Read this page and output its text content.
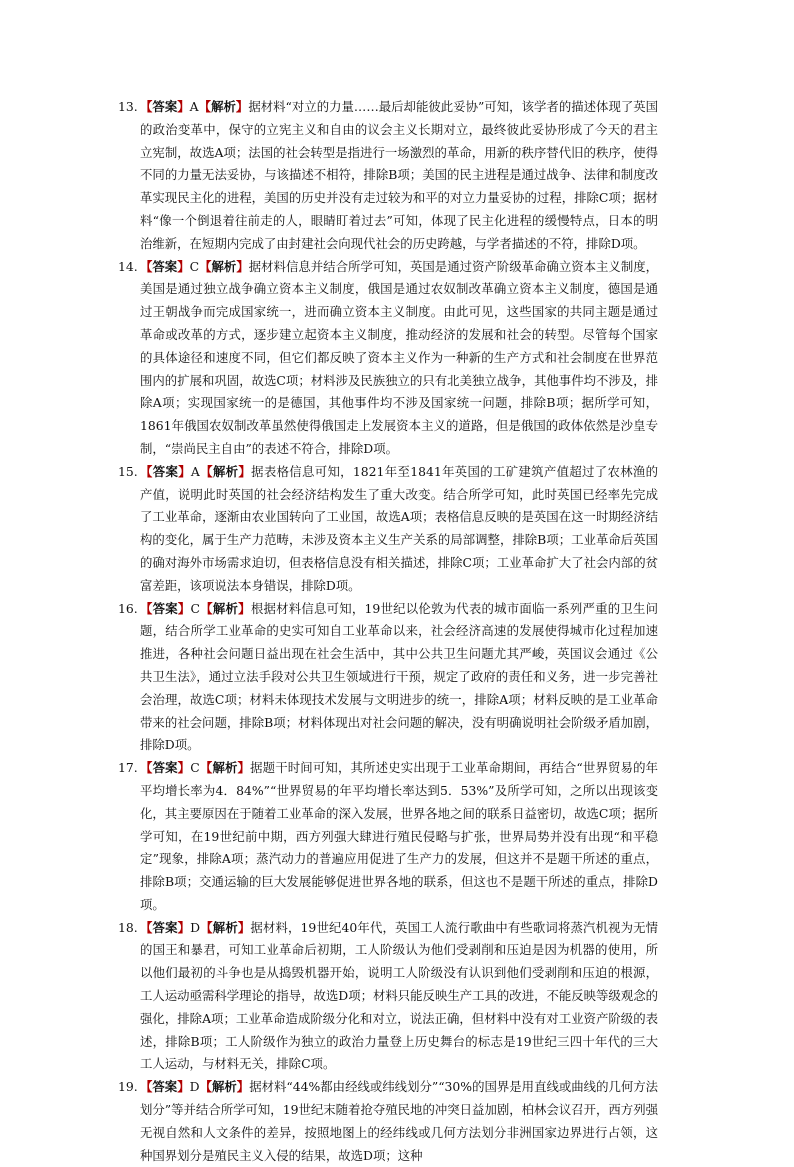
13. 【答案】A【解析】据材料“对立的力量……最后却能彼此妥协”可知，该学者的描述体现了英国的政治变革中，保守的立宪主义和自由的议会主义长期对立，最终彼此妥协形成了今天的君主立宪制，故选A项；法国的社会转型是指进行一场激烈的革命，用新的秩序替代旧的秩序，使得不同的力量无法妥协，与该描述不相符，排除B项；美国的民主进程是通过战争、法律和制度改革实现民主化的进程，美国的历史并没有走过较为和平的对立力量妥协的过程，排除C项；据材料“像一个倒退着往前走的人，眼睛盯着过去”可知，体现了民主化进程的缓慢特点，日本的明治维新，在短期内完成了由封建社会向现代社会的历史跨越，与学者描述的不符，排除D项。
14. 【答案】C【解析】据材料信息并结合所学可知，英国是通过资产阶级革命确立资本主义制度，美国是通过独立战争确立资本主义制度，俄国是通过农奴制改革确立资本主义制度，德国是通过王朝战争而完成国家统一，进而确立资本主义制度。由此可见，这些国家的共同主题是通过革命或改革的方式，逐步建立起资本主义制度，推动经济的发展和社会的转型。尽管每个国家的具体途径和速度不同，但它们都反映了资本主义作为一种新的生产方式和社会制度在世界范围内的扩展和巩固，故选C项；材料涉及民族独立的只有北美独立战争，其他事件均不涉及，排除A项；实现国家统一的是德国，其他事件均不涉及国家统一问题，排除B项；据所学可知，1861年俄国农奴制改革虽然使得俄国走上发展资本主义的道路，但是俄国的政体依然是沙皇专制，“崇尚民主自由”的表述不符合，排除D项。
15. 【答案】A【解析】据表格信息可知，1821年至1841年英国的工矿建筑产值超过了农林渔的产值，说明此时英国的社会经济结构发生了重大改变。结合所学可知，此时英国已经率先完成了工业革命，逐渐由农业国转向了工业国，故选A项；表格信息反映的是英国在这一时期经济结构的变化，属于生产力范畴，未涉及资本主义生产关系的局部调整，排除B项；工业革命后英国的确对海外市场需求迫切，但表格信息没有相关描述，排除C项；工业革命扩大了社会内部的贫富差距，该项说法本身错误，排除D项。
16. 【答案】C【解析】根据材料信息可知，19世纪以伦敦为代表的城市面临一系列严重的卫生问题，结合所学工业革命的史实可知自工业革命以来，社会经济高速的发展使得城市化过程加速推进，各种社会问题日益出现在社会生活中，其中公共卫生问题尤其严峻，英国议会通过《公共卫生法》，通过立法手段对公共卫生领域进行干预，规定了政府的责任和义务，进一步完善社会治理，故选C项；材料未体现技术发展与文明进步的统一，排除A项；材料反映的是工业革命带来的社会问题，排除B项；材料体现出对社会问题的解决，没有明确说明社会阶级矛盾加剧，排除D项。
17. 【答案】C【解析】据题干时间可知，其所述史实出现于工业革命期间，再结合“世界贸易的年平均增长率为4．84%”“世界贸易的年平均增长率达到5．53%”及所学可知，之所以出现该变化，其主要原因在于随着工业革命的深入发展，世界各地之间的联系日益密切，故选C项；据所学可知，在19世纪前中期，西方列强大肆进行殖民侵略与扩张，世界局势并没有出现“和平稳定”现象，排除A项；蒸汽动力的普遍应用促进了生产力的发展，但这并不是题干所述的重点，排除B项；交通运输的巨大发展能够促进世界各地的联系，但这也不是题干所述的重点，排除D项。
18. 【答案】D【解析】据材料，19世纪40年代，英国工人流行歌曲中有些歌词将蒸汽机视为无情的国王和暴君，可知工业革命后初期，工人阶级认为他们受剥削和压迫是因为机器的使用，所以他们最初的斗争也是从捣毁机器开始，说明工人阶级没有认识到他们受剥削和压迫的根源，工人运动亟需科学理论的指导，故选D项；材料只能反映生产工具的改进，不能反映等级观念的强化，排除A项；工业革命造成阶级分化和对立，说法正确，但材料中没有对工业资产阶级的表述，排除B项；工人阶级作为独立的政治力量登上历史舞台的标志是19世纪三四十年代的三大工人运动，与材料无关，排除C项。
19. 【答案】D【解析】据材料“44%都由经线或纬线划分”“30%的国界是用直线或曲线的几何方法划分”等并结合所学可知，19世纪末随着抢夺殖民地的冲突日益加剧，柏林会议召开，西方列强无视自然和人文条件的差异，按照地图上的经纬线或几何方法划分非洲国家边界进行占领，这种国界划分是殖民主义入侵的结果，故选D项；这种
